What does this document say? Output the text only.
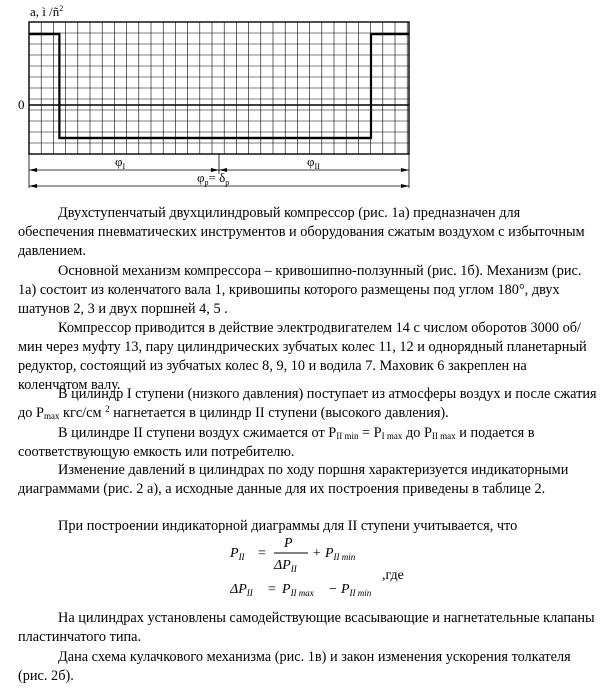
a, ì $/ñ^2$
0
$\varphi_I$	$\varphi_{II}$
$\varphi_р= \delta_р$

Двухступенчатый двухцилиндровый компрессор (рис. 1а) предназначен для обеспечения пневматических инструментов и оборудования сжатым воздухом с избыточным давлением.

Основной механизм компрессора – кривошипно-ползунный (рис. 1б). Механизм (рис. 1а) состоит из коленчатого вала 1, кривошипы которого размещены под углом 180°, двух шатунов 2, 3 и двух поршней 4, 5 .

Компрессор приводится в действие электродвигателем 14 с числом оборотов 3000 об/мин через муфту 13, пару цилиндрических зубчатых колес 11, 12 и однорядный планетарный редуктор, состоящий из зубчатых колес 8, 9, 10 и водила 7. Маховик 6 закреплен на коленчатом валу.

В цилиндр I ступени (низкого давления) поступает из атмосферы воздух и после сжатия до $P_{max}$ кгс/см $^2$ нагнетается в цилиндр II ступени (высокого давления).

В цилиндре II ступени воздух сжимается от $P_{II min} = P_{I max}$ до $P_{II max}$ и подается в соответствующую емкость или потребителю.

Изменение давлений в цилиндрах по ходу поршня характеризуется индикаторными диаграммами (рис. 2 а), а исходные данные для их построения приведены в таблице 2.

При построении индикаторной диаграммы для II ступени учитывается, что

$P_{II}$ =
P
$\Delta P_{II}$
+ $P_{II min}$
,где
$\Delta P_{II} = P_{II max} - P_{II min}$

На цилиндрах установлены самодействующие всасывающие и нагнетательные клапаны пластинчатого типа.

Дана схема кулачкового механизма (рис. 1в) и закон изменения ускорения толкателя (рис. 2б).
